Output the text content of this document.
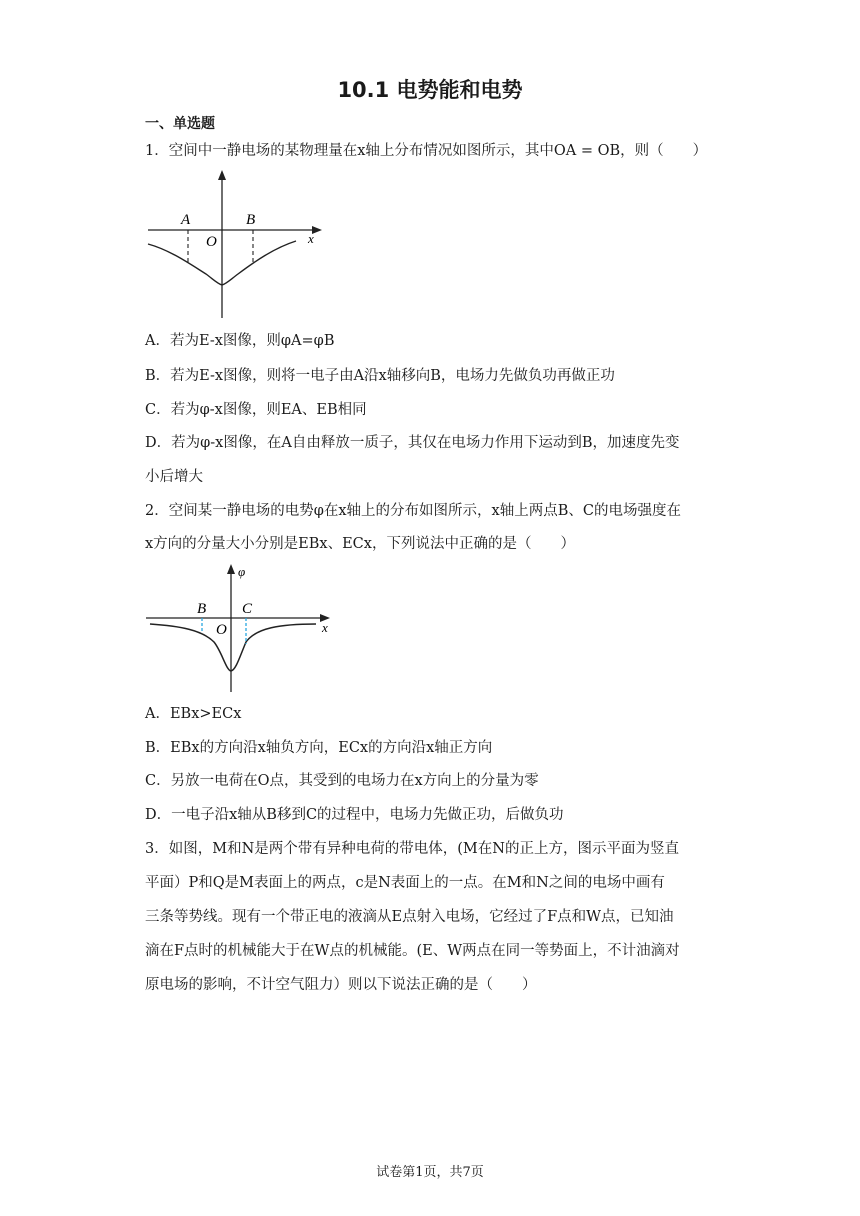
10.1 电势能和电势
一、单选题
1．空间中一静电场的某物理量在x轴上分布情况如图所示，其中OA = OB，则（　　）
A	B
O	x
A．若为E-x图像，则φA=φB
B．若为E-x图像，则将一电子由A沿x轴移向B，电场力先做负功再做正功
C．若为φ-x图像，则EA、EB相同
D．若为φ-x图像，在A自由释放一质子，其仅在电场力作用下运动到B，加速度先变
小后增大
2．空间某一静电场的电势φ在x轴上的分布如图所示，x轴上两点B、C的电场强度在
x方向的分量大小分别是EBx、ECx，下列说法中正确的是（　　）
φ
B C
O	x
A．EBx>ECx
B．EBx的方向沿x轴负方向，ECx的方向沿x轴正方向
C．另放一电荷在O点，其受到的电场力在x方向上的分量为零
D．一电子沿x轴从B移到C的过程中，电场力先做正功，后做负功
3．如图，M和N是两个带有异种电荷的带电体，(M在N的正上方，图示平面为竖直
平面）P和Q是M表面上的两点，c是N表面上的一点。在M和N之间的电场中画有
三条等势线。现有一个带正电的液滴从E点射入电场，它经过了F点和W点，已知油
滴在F点时的机械能大于在W点的机械能。(E、W两点在同一等势面上，不计油滴对
原电场的影响，不计空气阻力）则以下说法正确的是（　　）
试卷第1页，共7页
